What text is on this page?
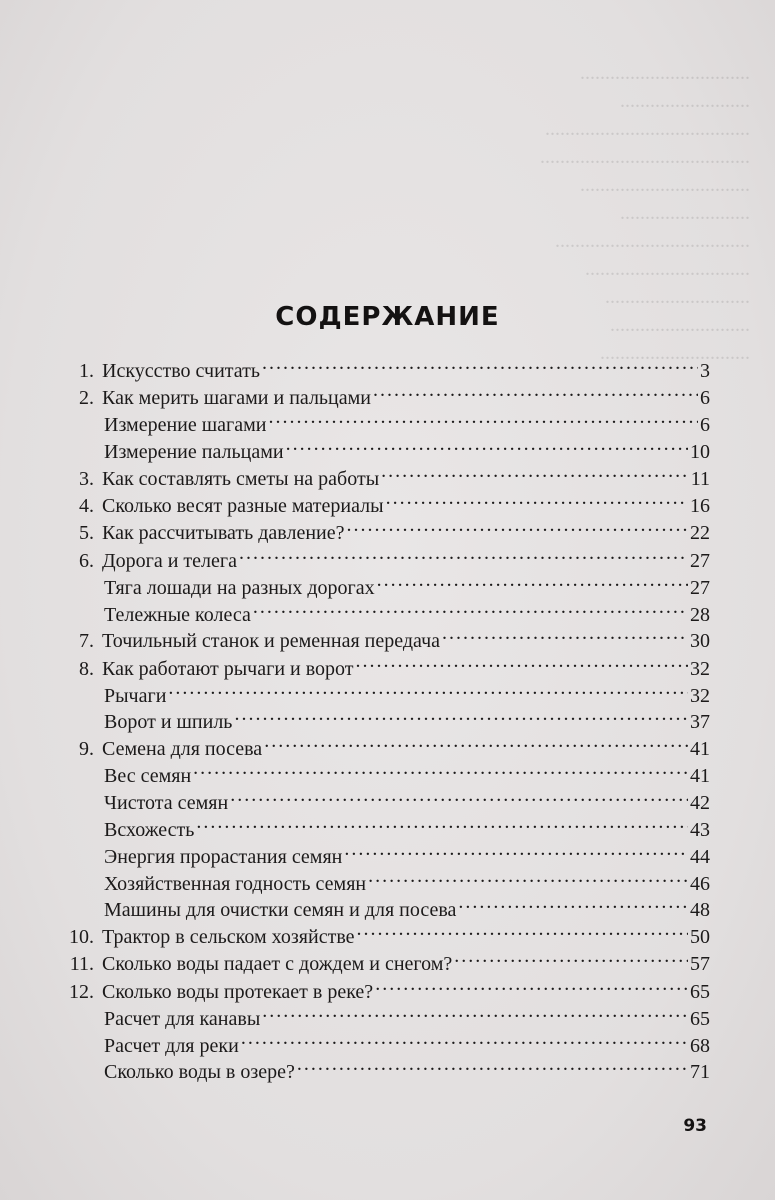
..................................
..........................
.........................................
..........................................
..................................
..........................
.......................................
.................................
.............................
............................
..............................
СОДЕРЖАНИЕ
1. Искусство считать . . .	3
2. Как мерить шагами и пальцами . . .	6
Измерение шагами . . .	6
Измерение пальцами . . .	10
3. Как составлять сметы на работы . . .	11
4. Сколько весят разные материалы . . .	16
5. Как рассчитывать давление? . . .	22
6. Дорога и телега . . .	27
Тяга лошади на разных дорогах . . .	27
Тележные колеса . . .	28
7. Точильный станок и ременная передача . . .	30
8. Как работают рычаги и ворот . . .	32
Рычаги . . .	32
Ворот и шпиль . . .	37
9. Семена для посева . . .	41
Вес семян . . .	41
Чистота семян . . .	42
Всхожесть . . .	43
Энергия прорастания семян . . .	44
Хозяйственная годность семян . . .	46
Машины для очистки семян и для посева . . .	48
10. Трактор в сельском хозяйстве . . .	50
11. Сколько воды падает с дождем и снегом? . . .	57
12. Сколько воды протекает в реке? . . .	65
Расчет для канавы . . .	65
Расчет для реки . . .	68
Сколько воды в озере? . . .	71
93
